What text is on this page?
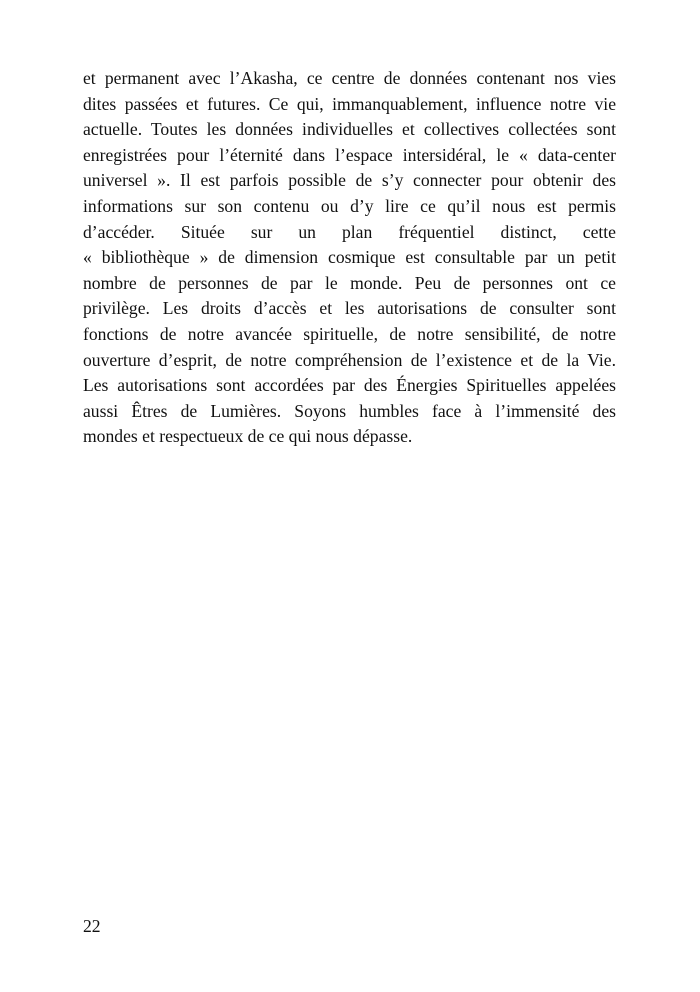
et permanent avec l’Akasha, ce centre de données contenant nos vies
dites passées et futures. Ce qui, immanquablement, influence notre vie
actuelle. Toutes les données individuelles et collectives collectées sont
enregistrées pour l’éternité dans l’espace intersidéral, le « data-center
universel ». Il est parfois possible de s’y connecter pour obtenir des
informations sur son contenu ou d’y lire ce qu’il nous est permis
d’accéder. Située sur un plan fréquentiel distinct, cette
« bibliothèque » de dimension cosmique est consultable par un petit
nombre de personnes de par le monde. Peu de personnes ont ce
privilège. Les droits d’accès et les autorisations de consulter sont
fonctions de notre avancée spirituelle, de notre sensibilité, de notre
ouverture d’esprit, de notre compréhension de l’existence et de la Vie.
Les autorisations sont accordées par des Énergies Spirituelles appelées
aussi Êtres de Lumières. Soyons humbles face à l’immensité des
mondes et respectueux de ce qui nous dépasse.

22
